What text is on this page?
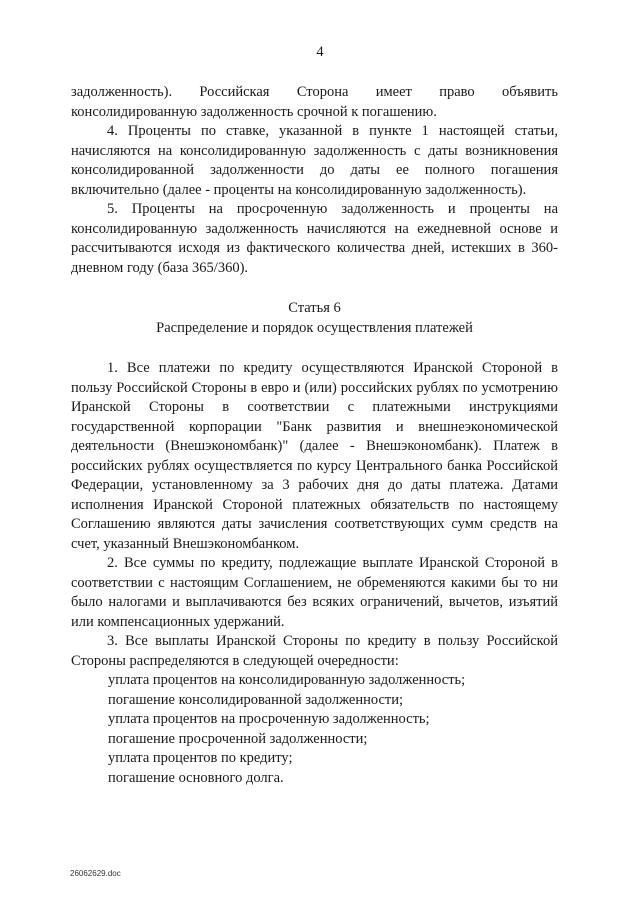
4

задолженность). Российская Сторона имеет право объявить консолидированную задолженность срочной к погашению.

4. Проценты по ставке, указанной в пункте 1 настоящей статьи, начисляются на консолидированную задолженность с даты возникновения консолидированной задолженности до даты ее полного погашения включительно (далее - проценты на консолидированную задолженность).

5. Проценты на просроченную задолженность и проценты на консолидированную задолженность начисляются на ежедневной основе и рассчитываются исходя из фактического количества дней, истекших в 360-дневном году (база 365/360).

Статья 6
Распределение и порядок осуществления платежей

1. Все платежи по кредиту осуществляются Иранской Стороной в пользу Российской Стороны в евро и (или) российских рублях по усмотрению Иранской Стороны в соответствии с платежными инструкциями государственной корпорации "Банк развития и внешнеэкономической деятельности (Внешэкономбанк)" (далее - Внешэкономбанк). Платеж в российских рублях осуществляется по курсу Центрального банка Российской Федерации, установленному за 3 рабочих дня до даты платежа. Датами исполнения Иранской Стороной платежных обязательств по настоящему Соглашению являются даты зачисления соответствующих сумм средств на счет, указанный Внешэкономбанком.

2. Все суммы по кредиту, подлежащие выплате Иранской Стороной в соответствии с настоящим Соглашением, не обременяются какими бы то ни было налогами и выплачиваются без всяких ограничений, вычетов, изъятий или компенсационных удержаний.

3. Все выплаты Иранской Стороны по кредиту в пользу Российской Стороны распределяются в следующей очередности:

уплата процентов на консолидированную задолженность;
погашение консолидированной задолженности;
уплата процентов на просроченную задолженность;
погашение просроченной задолженности;
уплата процентов по кредиту;
погашение основного долга.
26062629.doc
